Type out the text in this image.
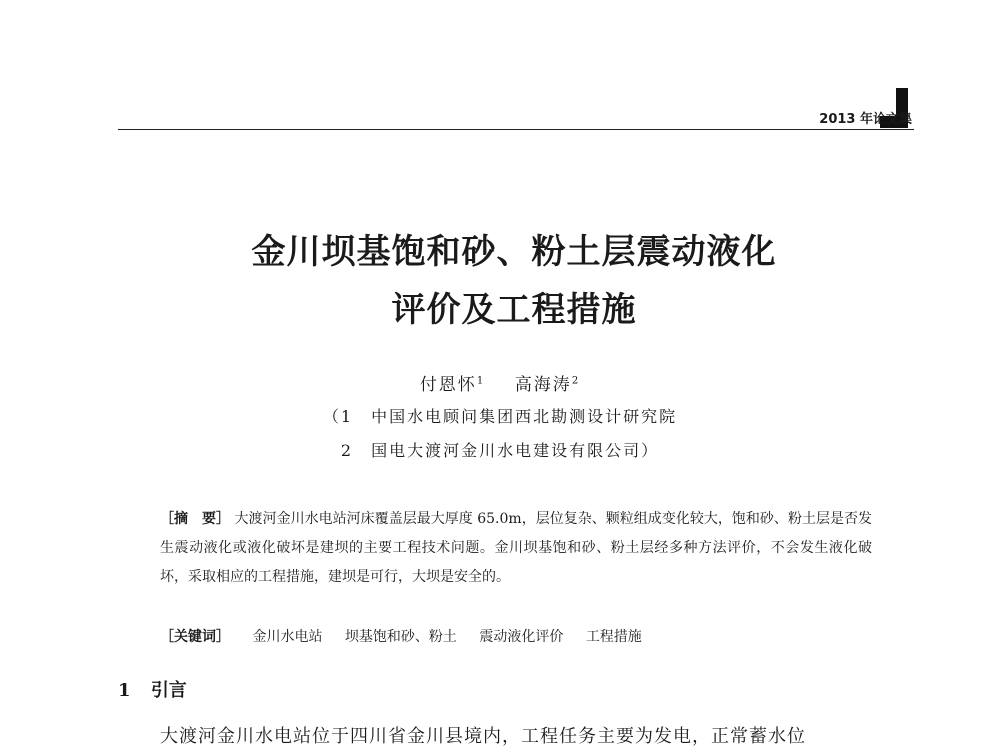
2013 年论文集
金川坝基饱和砂、粉土层震动液化
评价及工程措施
付恩怀$^1$ 高海涛$^2$
（1　中国水电顾问集团西北勘测设计研究院
2　国电大渡河金川水电建设有限公司）
［摘　要］ 大渡河金川水电站河床覆盖层最大厚度 65.0m，层位复杂、颗粒组成变化较大，饱和砂、粉土层是否发生震动液化或液化破坏是建坝的主要工程技术问题。金川坝基饱和砂、粉土层经多种方法评价，不会发生液化破坏，采取相应的工程措施，建坝是可行，大坝是安全的。
［关键词］ 金川水电站 坝基饱和砂、粉土 震动液化评价 工程措施
1 引言
大渡河金川水电站位于四川省金川县境内，工程任务主要为发电，正常蓄水位
